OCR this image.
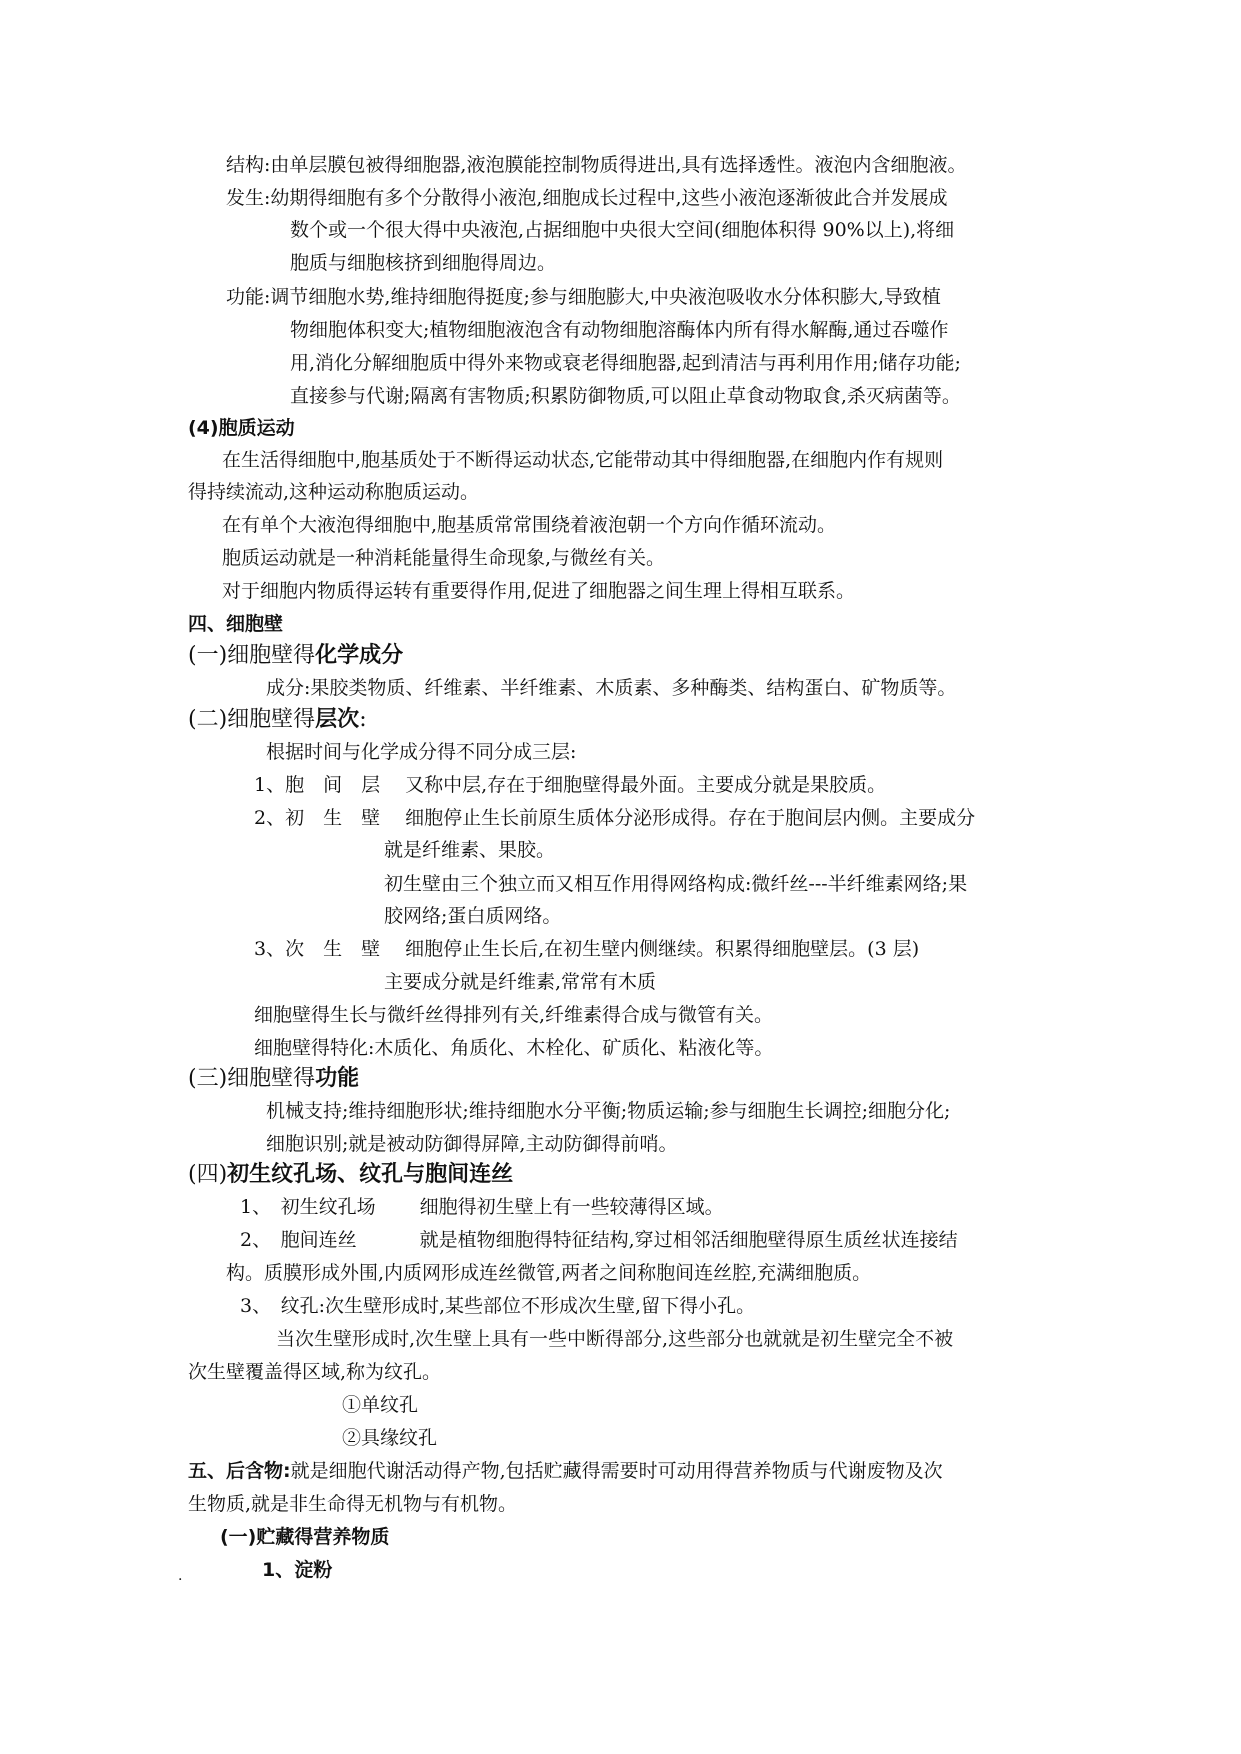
结构:由单层膜包被得细胞器,液泡膜能控制物质得进出,具有选择透性。液泡内含细胞液。
发生:幼期得细胞有多个分散得小液泡,细胞成长过程中,这些小液泡逐渐彼此合并发展成
数个或一个很大得中央液泡,占据细胞中央很大空间(细胞体积得 90%以上),将细
胞质与细胞核挤到细胞得周边。
功能:调节细胞水势,维持细胞得挺度;参与细胞膨大,中央液泡吸收水分体积膨大,导致植
物细胞体积变大;植物细胞液泡含有动物细胞溶酶体内所有得水解酶,通过吞噬作
用,消化分解细胞质中得外来物或衰老得细胞器,起到清洁与再利用作用;储存功能;
直接参与代谢;隔离有害物质;积累防御物质,可以阻止草食动物取食,杀灭病菌等。
(4)胞质运动
在生活得细胞中,胞基质处于不断得运动状态,它能带动其中得细胞器,在细胞内作有规则
得持续流动,这种运动称胞质运动。
在有单个大液泡得细胞中,胞基质常常围绕着液泡朝一个方向作循环流动。
胞质运动就是一种消耗能量得生命现象,与微丝有关。
对于细胞内物质得运转有重要得作用,促进了细胞器之间生理上得相互联系。
四、细胞壁
(一)细胞壁得化学成分
成分:果胶类物质、纤维素、半纤维素、木质素、多种酶类、结构蛋白、矿物质等。
(二)细胞壁得层次:
根据时间与化学成分得不同分成三层:
1、胞　间　层　 又称中层,存在于细胞壁得最外面。主要成分就是果胶质。
2、初　生　壁　 细胞停止生长前原生质体分泌形成得。存在于胞间层内侧。主要成分
就是纤维素、果胶。
初生壁由三个独立而又相互作用得网络构成:微纤丝---半纤维素网络;果
胶网络;蛋白质网络。
3、次　生　壁　 细胞停止生长后,在初生壁内侧继续。积累得细胞壁层。(3 层)
主要成分就是纤维素,常常有木质
细胞壁得生长与微纤丝得排列有关,纤维素得合成与微管有关。
细胞壁得特化:木质化、角质化、木栓化、矿质化、粘液化等。
(三)细胞壁得功能
机械支持;维持细胞形状;维持细胞水分平衡;物质运输;参与细胞生长调控;细胞分化;
细胞识别;就是被动防御得屏障,主动防御得前哨。
(四)初生纹孔场、纹孔与胞间连丝
1、　初生纹孔场　　 细胞得初生壁上有一些较薄得区域。
2、　胞间连丝　　　 就是植物细胞得特征结构,穿过相邻活细胞壁得原生质丝状连接结
构。质膜形成外围,内质网形成连丝微管,两者之间称胞间连丝腔,充满细胞质。
3、　纹孔:次生壁形成时,某些部位不形成次生壁,留下得小孔。
当次生壁形成时,次生壁上具有一些中断得部分,这些部分也就就是初生壁完全不被
次生壁覆盖得区域,称为纹孔。
①单纹孔
②具缘纹孔
五、后含物:就是细胞代谢活动得产物,包括贮藏得需要时可动用得营养物质与代谢废物及次
生物质,就是非生命得无机物与有机物。
(一)贮藏得营养物质
1、淀粉
.
